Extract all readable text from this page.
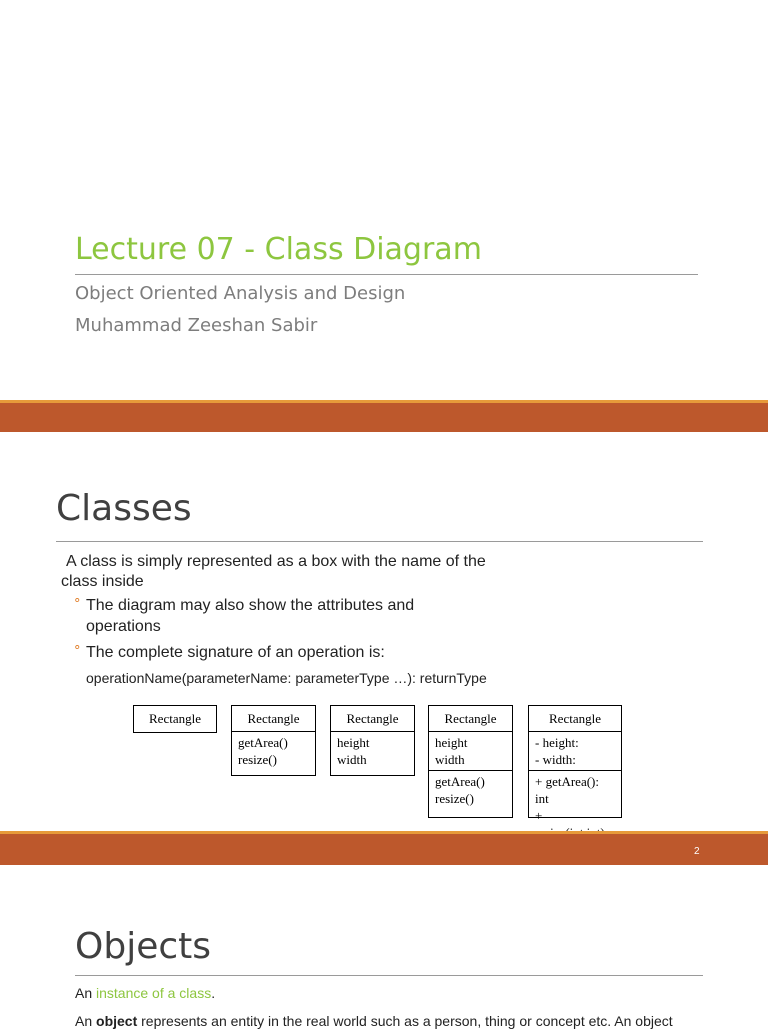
Lecture 07 - Class Diagram
Object Oriented Analysis and Design
Muhammad Zeeshan Sabir
Classes
A class is simply represented as a box with the name of the
class inside
° The diagram may also show the attributes and
operations
° The complete signature of an operation is:
operationName(parameterName: parameterType …): returnType
Rectangle	Rectangle
getArea()
resize()
Rectangle
height
width
Rectangle
height
width
getArea()
resize()
Rectangle
- height:
- width:
+ getArea(): int
+
2
Objects
An instance of a class.
An object represents an entity in the real world such as a person, thing or concept etc. An object
